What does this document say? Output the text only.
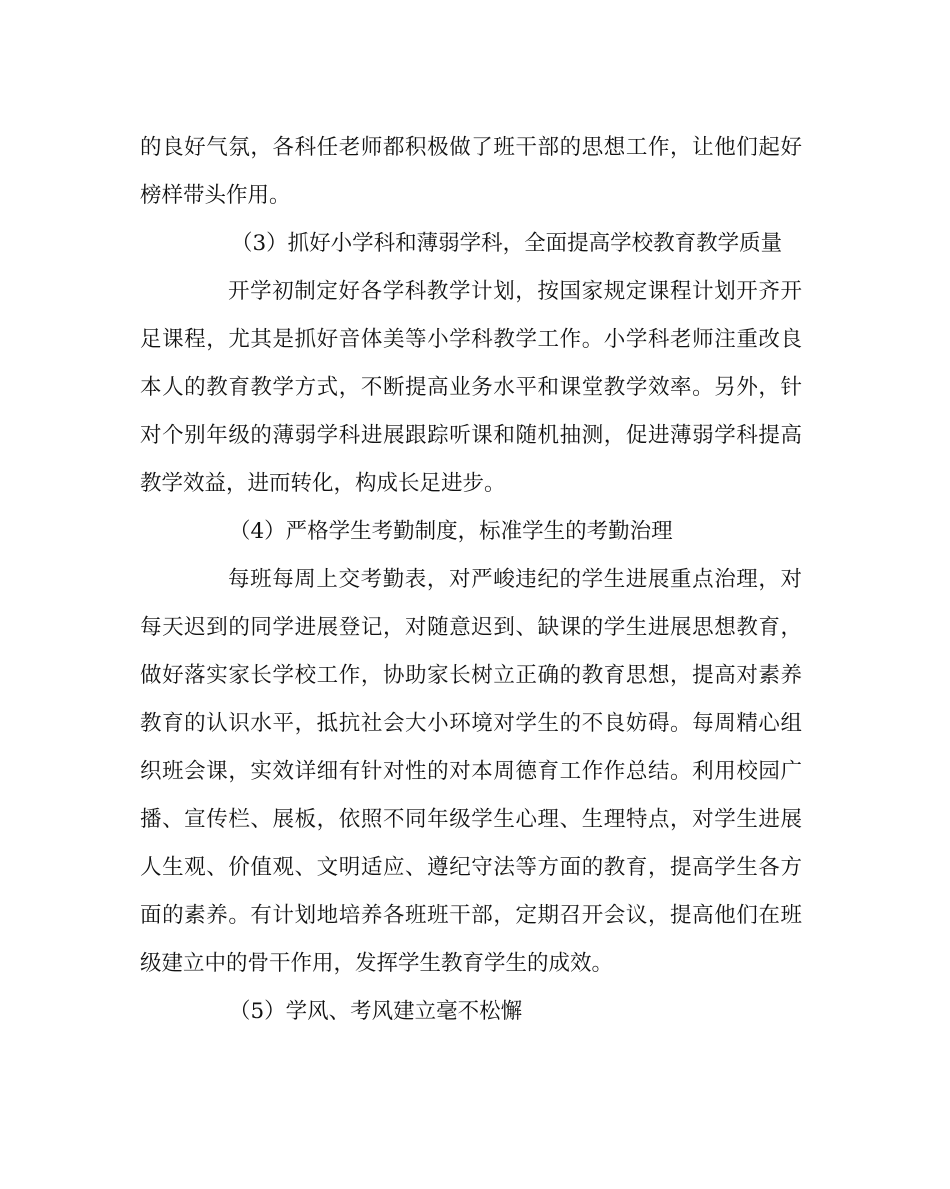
的良好气氛，各科任老师都积极做了班干部的思想工作，让他们起好
榜样带头作用。
（3）抓好小学科和薄弱学科，全面提高学校教育教学质量
开学初制定好各学科教学计划，按国家规定课程计划开齐开
足课程，尤其是抓好音体美等小学科教学工作。小学科老师注重改良
本人的教育教学方式，不断提高业务水平和课堂教学效率。另外，针
对个别年级的薄弱学科进展跟踪听课和随机抽测，促进薄弱学科提高
教学效益，进而转化，构成长足进步。
（4）严格学生考勤制度，标准学生的考勤治理
每班每周上交考勤表，对严峻违纪的学生进展重点治理，对
每天迟到的同学进展登记，对随意迟到、缺课的学生进展思想教育，
做好落实家长学校工作，协助家长树立正确的教育思想，提高对素养
教育的认识水平，抵抗社会大小环境对学生的不良妨碍。每周精心组
织班会课，实效详细有针对性的对本周德育工作作总结。利用校园广
播、宣传栏、展板，依照不同年级学生心理、生理特点，对学生进展
人生观、价值观、文明适应、遵纪守法等方面的教育，提高学生各方
面的素养。有计划地培养各班班干部，定期召开会议，提高他们在班
级建立中的骨干作用，发挥学生教育学生的成效。
（5）学风、考风建立毫不松懈
